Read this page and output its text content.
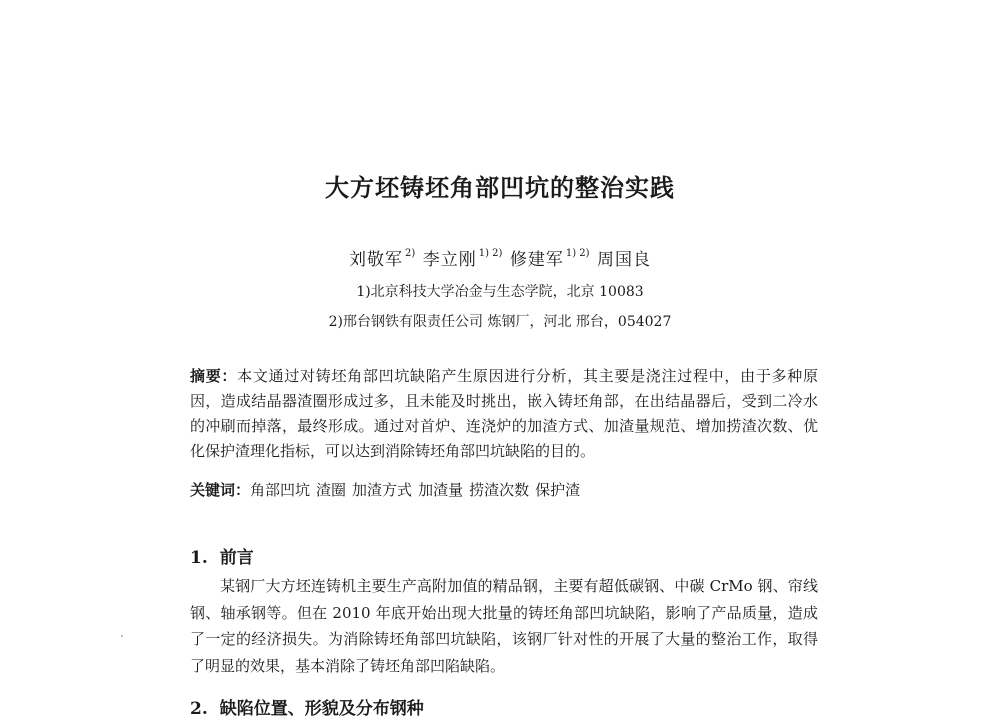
大方坯铸坯角部凹坑的整治实践
刘敬军 $^{2)}$ 李立刚 $^{1) 2)}$ 修建军 $^{1) 2)}$ 周国良
1)北京科技大学冶金与生态学院，北京 10083
2)邢台钢铁有限责任公司 炼钢厂，河北 邢台，054027

摘要：本文通过对铸坯角部凹坑缺陷产生原因进行分析，其主要是浇注过程中，由于多种原因，造成结晶器渣圈形成过多，且未能及时挑出，嵌入铸坯角部，在出结晶器后，受到二冷水的冲刷而掉落，最终形成。通过对首炉、连浇炉的加渣方式、加渣量规范、增加捞渣次数、优化保护渣理化指标，可以达到消除铸坯角部凹坑缺陷的目的。

关键词：角部凹坑 渣圈 加渣方式 加渣量 捞渣次数 保护渣

1. 前言

某钢厂大方坯连铸机主要生产高附加值的精品钢，主要有超低碳钢、中碳 CrMo 钢、帘线钢、轴承钢等。但在 2010 年底开始出现大批量的铸坯角部凹坑缺陷，影响了产品质量，造成了一定的经济损失。为消除铸坯角部凹坑缺陷，该钢厂针对性的开展了大量的整治工作，取得了明显的效果，基本消除了铸坯角部凹陷缺陷。

2. 缺陷位置、形貌及分布钢种
